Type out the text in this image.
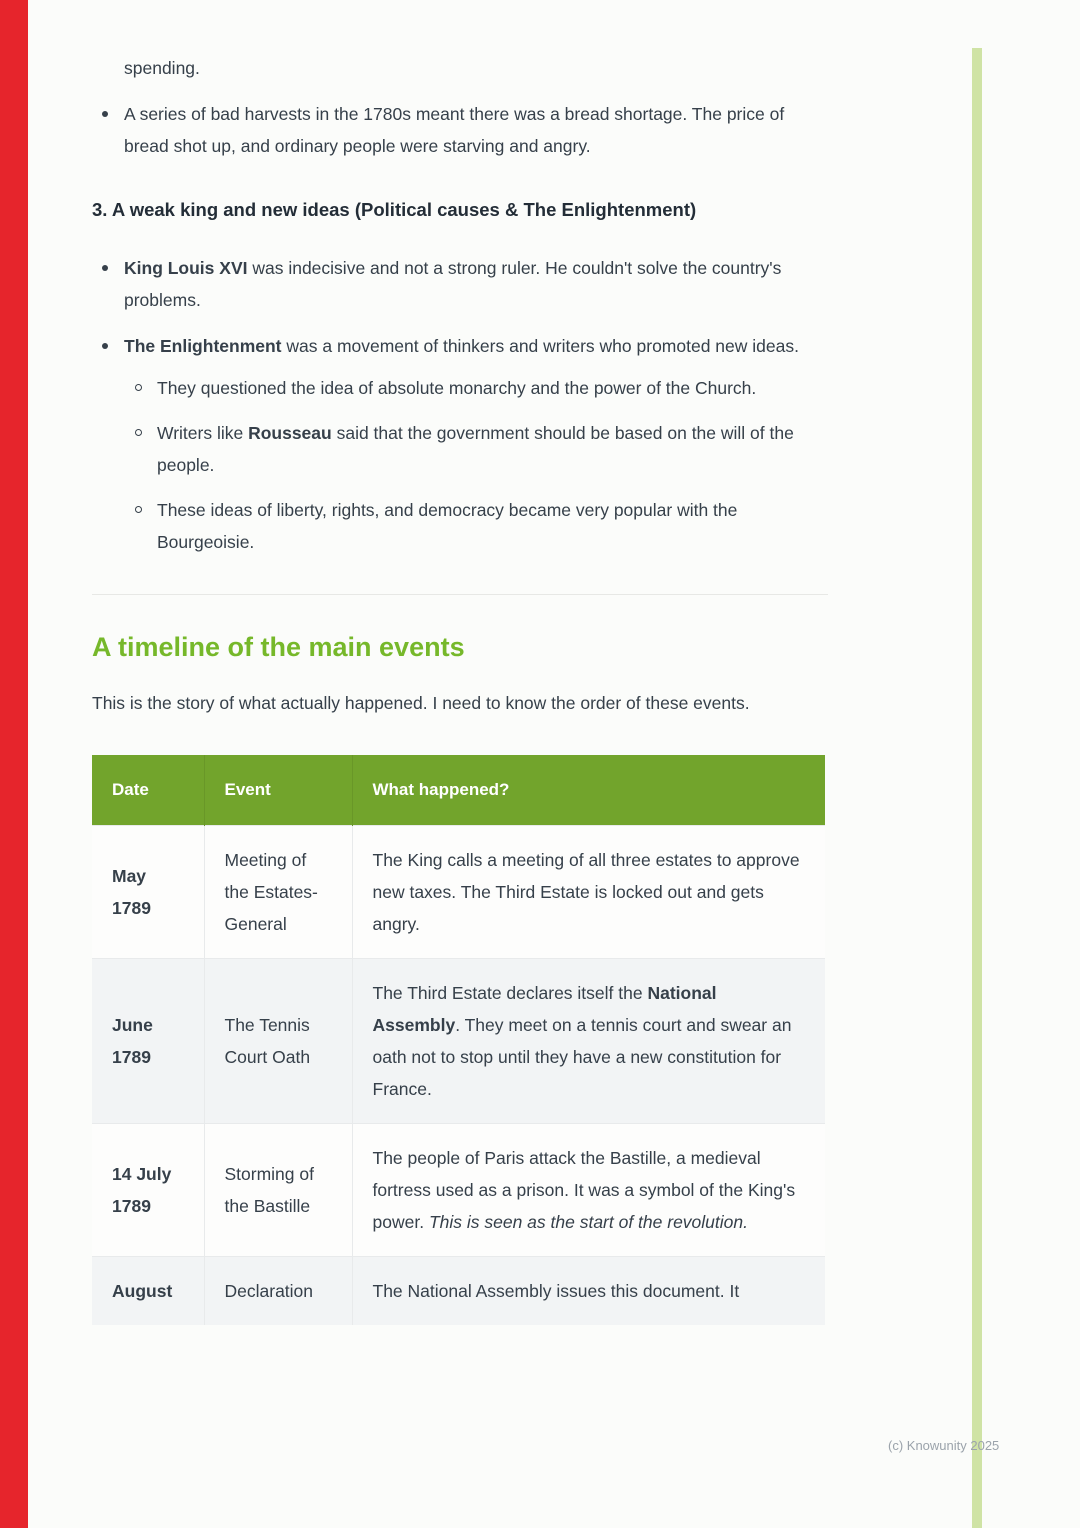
spending.

A series of bad harvests in the 1780s meant there was a bread shortage. The price of bread shot up, and ordinary people were starving and angry.
3. A weak king and new ideas (Political causes & The Enlightenment)
King Louis XVI was indecisive and not a strong ruler. He couldn't solve the country's problems.
The Enlightenment was a movement of thinkers and writers who promoted new ideas.
They questioned the idea of absolute monarchy and the power of the Church.
Writers like Rousseau said that the government should be based on the will of the people.
These ideas of liberty, rights, and democracy became very popular with the Bourgeoisie.
A timeline of the main events

This is the story of what actually happened. I need to know the order of these events.

Date	Event	What happened?
May 1789	Meeting of the Estates-General	The King calls a meeting of all three estates to approve new taxes. The Third Estate is locked out and gets angry.
June 1789	The Tennis Court Oath	The Third Estate declares itself the National Assembly. They meet on a tennis court and swear an oath not to stop until they have a new constitution for France.
14 July 1789	Storming of the Bastille	The people of Paris attack the Bastille, a medieval fortress used as a prison. It was a symbol of the King's power. This is seen as the start of the revolution.
August	Declaration	The National Assembly issues this document. It
(c) Knowunity 2025
